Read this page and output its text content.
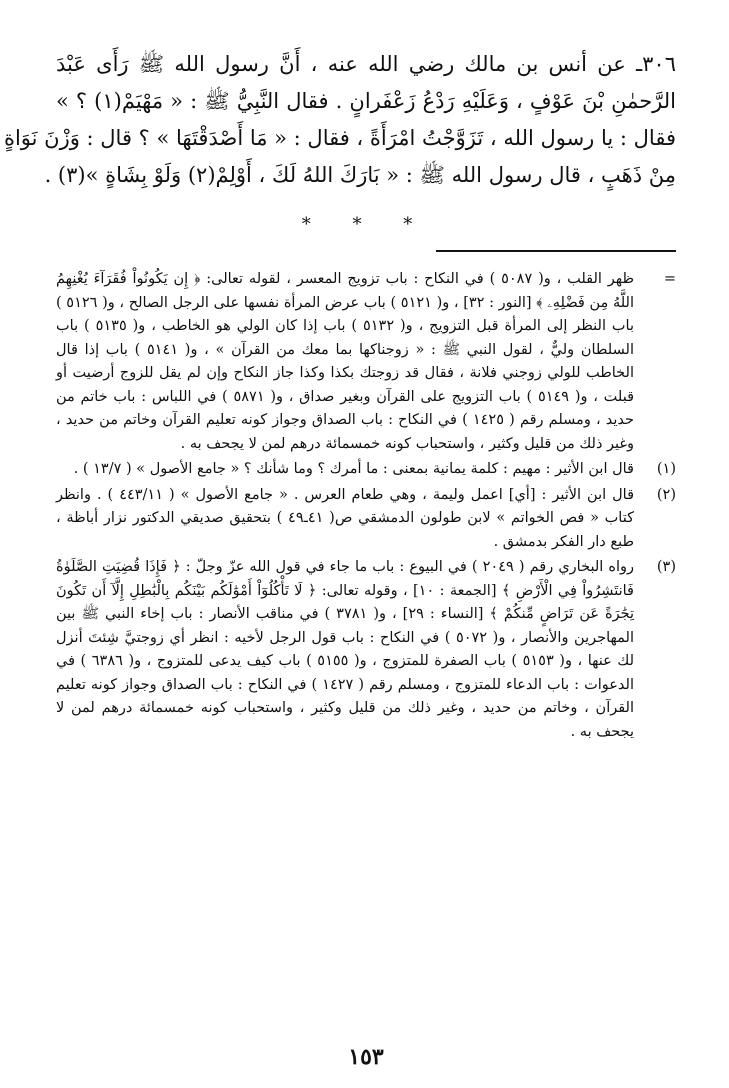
٣٠٦ـ عن أنس بن مالك رضي الله عنه ، أَنَّ رسول الله ﷺ رَأَى عَبْدَ
الرَّحمٰنِ بْنَ عَوْفٍ ، وَعَلَيْهِ رَدْعُ زَعْفَرانٍ . فقال النَّبِيُّ ﷺ : « مَهْيَمْ(١) ؟ »
فقال : يا رسول الله ، تَزَوَّجْتُ امْرَأَةً ، فقال : « مَا أَصْدَقْتَهَا » ؟ قال : وَزْنَ نَوَاةٍ
مِنْ ذَهَبٍ ، قال رسول الله ﷺ : « بَارَكَ اللهُ لَكَ ، أَوْلِمْ(٢) وَلَوْ بِشَاةٍ »(٣) .

* * *
=
ظهر القلب ، و( ٥٠٨٧ ) في النكاح : باب تزويج المعسر ، لقوله تعالى: ﴿ إِن يَكُونُواْ فُقَرَآءَ يُغْنِهِمُ اللَّهُ مِن فَضْلِهِۦ ﴾ [النور : ٣٢] ، و( ٥١٢١ ) باب عرض المرأة نفسها على الرجل الصالح ، و( ٥١٢٦ ) باب النظر إلى المرأة قبل التزويج ، و( ٥١٣٢ ) باب إذا كان الولي هو الخاطب ، و( ٥١٣٥ ) باب السلطان وليٌّ ، لقول النبي ﷺ : « زوجناكها بما معك من القرآن » ، و( ٥١٤١ ) باب إذا قال الخاطب للولي زوجني فلانة ، فقال قد زوجتك بكذا وكذا جاز النكاح وإن لم يقل للزوج أرضيت أو قبلت ، و( ٥١٤٩ ) باب التزويج على القرآن وبغير صداق ، و( ٥٨٧١ ) في اللباس : باب خاتم من حديد ، ومسلم رقم ( ١٤٢٥ ) في النكاح : باب الصداق وجواز كونه تعليم القرآن وخاتم من حديد ، وغير ذلك من قليل وكثير ، واستحباب كونه خمسمائة درهم لمن لا يجحف به .
(١)
قال ابن الأثير : مهيم : كلمة يمانية بمعنى : ما أمرك ؟ وما شأنك ؟ « جامع الأصول » ( ١٣/٧ ) .
(٢)
قال ابن الأثير : [أي] اعمل وليمة ، وهي طعام العرس . « جامع الأصول » ( ٤٤٣/١١ ) . وانظر كتاب « فص الخواتم » لابن طولون الدمشقي ص( ٤١ـ٤٩ ) بتحقيق صديقي الدكتور نزار أباظة ، طبع دار الفكر بدمشق .
(٣)
رواه البخاري رقم ( ٢٠٤٩ ) في البيوع : باب ما جاء في قول الله عزّ وجلّ : ﴿ فَإِذَا قُضِيَتِ الصَّلَوٰةُ فَانتَشِرُواْ فِي الْأَرْضِ ﴾ [الجمعة : ١٠] ، وقوله تعالى: ﴿ لَا تَأْكُلُوٓاْ أَمْوَٰلَكُم بَيْنَكُم بِالْبَٰطِلِ إِلَّآ أَن تَكُونَ تِجَٰرَةً عَن تَرَاضٍ مِّنكُمْ ﴾ [النساء : ٢٩] ، و( ٣٧٨١ ) في مناقب الأنصار : باب إخاء النبي ﷺ بين المهاجرين والأنصار ، و( ٥٠٧٢ ) في النكاح : باب قول الرجل لأخيه : انظر أي زوجتيَّ شِئتَ أنزل لك عنها ، و( ٥١٥٣ ) باب الصفرة للمتزوج ، و( ٥١٥٥ ) باب كيف يدعى للمتزوج ، و( ٦٣٨٦ ) في الدعوات : باب الدعاء للمتزوج ، ومسلم رقم ( ١٤٢٧ ) في النكاح : باب الصداق وجواز كونه تعليم القرآن ، وخاتم من حديد ، وغير ذلك من قليل وكثير ، واستحباب كونه خمسمائة درهم لمن لا يجحف به .
١٥٣
